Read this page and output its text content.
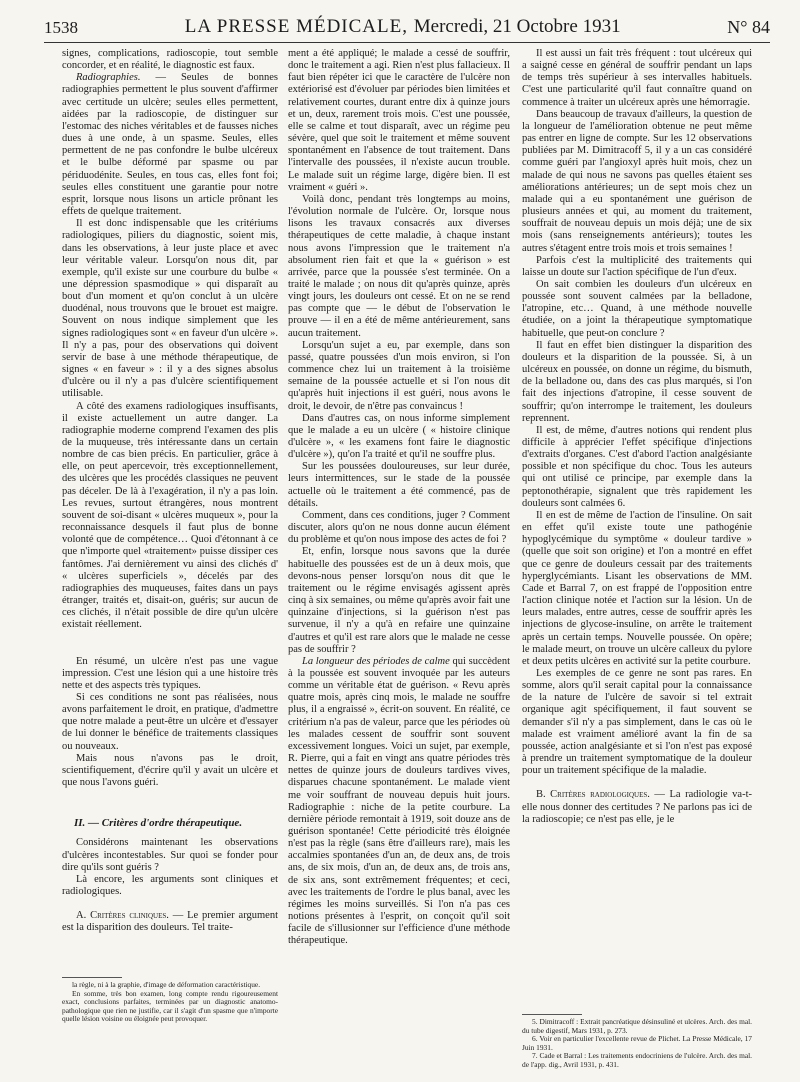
1538	LA PRESSE MÉDICALE, Mercredi, 21 Octobre 1931	N° 84

signes, complications, radioscopie, tout semble concorder, et en réalité, le diagnostic est faux.

Radiographies. — Seules de bonnes radiographies permettent le plus souvent d'affirmer avec certitude un ulcère; seules elles permettent, aidées par la radioscopie, de distinguer sur l'estomac des niches véritables et de fausses niches dues à une onde, à un spasme. Seules, elles permettent de ne pas confondre le bulbe ulcéreux et le bulbe déformé par spasme ou par périduodénite. Seules, en tous cas, elles font foi; seules elles constituent une garantie pour notre esprit, lorsque nous lisons un article prônant les effets de quelque traitement.

Il est donc indispensable que les critériums radiologiques, piliers du diagnostic, soient mis, dans les observations, à leur juste place et avec leur véritable valeur. Lorsqu'on nous dit, par exemple, qu'il existe sur une courbure du bulbe « une dépression spasmodique » qui disparaît au bout d'un moment et qu'on conclut à un ulcère duodénal, nous trouvons que le brouet est maigre. Souvent on nous indique simplement que les signes radiologiques sont « en faveur d'un ulcère ». Il n'y a pas, pour des observations qui doivent servir de base à une méthode thérapeutique, de signes « en faveur » : il y a des signes absolus d'ulcère ou il n'y a pas d'ulcère scientifiquement utilisable.

A côté des examens radiologiques insuffisants, il existe actuellement un autre danger. La radiographie moderne comprend l'examen des plis de la muqueuse, très intéressante dans un certain nombre de cas bien précis. En particulier, grâce à elle, on peut apercevoir, très exceptionnellement, des ulcères que les procédés classiques ne peuvent pas déceler. De là à l'exagération, il n'y a pas loin. Les revues, surtout étrangères, nous montrent souvent de soi-disant « ulcères muqueux », pour la reconnaissance desquels il faut plus de bonne volonté que de compétence… Quoi d'étonnant à ce que n'importe quel «traitement» puisse dissiper ces fantômes. J'ai dernièrement vu ainsi des clichés d' « ulcères superficiels », décelés par des radiographies des muqueuses, faites dans un pays étranger, traités et, disait-on, guéris; sur aucun de ces clichés, il n'était possible de dire qu'un ulcère existait réellement.

En résumé, un ulcère n'est pas une vague impression. C'est une lésion qui a une histoire très nette et des aspects très typiques.

Si ces conditions ne sont pas réalisées, nous avons parfaitement le droit, en pratique, d'admettre que notre malade a peut-être un ulcère et d'essayer de lui donner le bénéfice de traitements classiques ou nouveaux.

Mais nous n'avons pas le droit, scientifiquement, d'écrire qu'il y avait un ulcère et que nous l'avons guéri.

II. — Critères d'ordre thérapeutique.

Considérons maintenant les observations d'ulcères incontestables. Sur quoi se fonder pour dire qu'ils sont guéris ?

Là encore, les arguments sont cliniques et radiologiques.

A. Critères cliniques. — Le premier argument est la disparition des douleurs. Tel traite-

la règle, ni à la graphie, d'image de déformation caractéristique.

En somme, très bon examen, long compte rendu rigoureusement exact, conclusions parfaites, terminées par un diagnostic anatomo-pathologique que rien ne justifie, car il s'agit d'un spasme que n'importe quelle lésion voisine ou éloignée peut provoquer.

ment a été appliqué; le malade a cessé de souffrir, donc le traitement a agi. Rien n'est plus fallacieux. Il faut bien répéter ici que le caractère de l'ulcère non extériorisé est d'évoluer par périodes bien limitées et relativement courtes, durant entre dix à quinze jours et un, deux, rarement trois mois. C'est une poussée, elle se calme et tout disparaît, avec un régime peu sévère, quel que soit le traitement et même souvent spontanément en l'absence de tout traitement. Dans l'intervalle des poussées, il n'existe aucun trouble. Le malade suit un régime large, digère bien. Il est vraiment « guéri ».

Voilà donc, pendant très longtemps au moins, l'évolution normale de l'ulcère. Or, lorsque nous lisons les travaux consacrés aux diverses thérapeutiques de cette maladie, à chaque instant nous avons l'impression que le traitement n'a absolument rien fait et que la « guérison » est arrivée, parce que la poussée s'est terminée. On a traité le malade ; on nous dit qu'après quinze, après vingt jours, les douleurs ont cessé. Et on ne se rend pas compte que — le début de l'observation le prouve — il en a été de même antérieurement, sans aucun traitement.

Lorsqu'un sujet a eu, par exemple, dans son passé, quatre poussées d'un mois environ, si l'on commence chez lui un traitement à la troisième semaine de la poussée actuelle et si l'on nous dit qu'après huit injections il est guéri, nous avons le droit, le devoir, de n'être pas convaincus !

Dans d'autres cas, on nous informe simplement que le malade a eu un ulcère ( « histoire clinique d'ulcère », « les examens font faire le diagnostic d'ulcère »), qu'on l'a traité et qu'il ne souffre plus.

Sur les poussées douloureuses, sur leur durée, leurs intermittences, sur le stade de la poussée actuelle où le traitement a été commencé, pas de détails.

Comment, dans ces conditions, juger ? Comment discuter, alors qu'on ne nous donne aucun élément du problème et qu'on nous impose des actes de foi ?

Et, enfin, lorsque nous savons que la durée habituelle des poussées est de un à deux mois, que devons-nous penser lorsqu'on nous dit que le traitement ou le régime envisagés agissent après cinq à six semaines, ou même qu'après avoir fait une quinzaine d'injections, si la guérison n'est pas survenue, il n'y a qu'à en refaire une quinzaine d'autres et qu'il est rare alors que le malade ne cesse pas de souffrir ?

La longueur des périodes de calme qui succèdent à la poussée est souvent invoquée par les auteurs comme un véritable état de guérison. « Revu après quatre mois, après cinq mois, le malade ne souffre plus, il a engraissé », écrit-on souvent. En réalité, ce critérium n'a pas de valeur, parce que les périodes où les malades cessent de souffrir sont souvent excessivement longues. Voici un sujet, par exemple, R. Pierre, qui a fait en vingt ans quatre périodes très nettes de quinze jours de douleurs tardives vives, disparues chacune spontanément. Le malade vient me voir souffrant de nouveau depuis huit jours. Radiographie : niche de la petite courbure. La dernière période remontait à 1919, soit douze ans de guérison spontanée! Cette périodicité très éloignée n'est pas la règle (sans être d'ailleurs rare), mais les accalmies spontanées d'un an, de deux ans, de trois ans, de six mois, d'un an, de deux ans, de trois ans, de six ans, sont extrêmement fréquentes; et ceci, avec les traitements de l'ordre le plus banal, avec les régimes les moins surveillés. Si l'on n'a pas ces notions présentes à l'esprit, on conçoit qu'il soit facile de s'illusionner sur l'efficience d'une méthode thérapeutique.

Il est aussi un fait très fréquent : tout ulcéreux qui a saigné cesse en général de souffrir pendant un laps de temps très supérieur à ses intervalles habituels. C'est une particularité qu'il faut connaître quand on commence à traiter un ulcéreux après une hémorragie.

Dans beaucoup de travaux d'ailleurs, la question de la longueur de l'amélioration obtenue ne peut même pas entrer en ligne de compte. Sur les 12 observations publiées par M. Dimitracoff 5, il y a un cas considéré comme guéri par l'angioxyl après huit mois, chez un malade de qui nous ne savons pas quelles étaient ses améliorations antérieures; un de sept mois chez un malade qui a eu spontanément une guérison de plusieurs années et qui, au moment du traitement, souffrait de nouveau depuis un mois déjà; une de six mois (sans renseignements antérieurs); toutes les autres s'étagent entre trois mois et trois semaines !

Parfois c'est la multiplicité des traitements qui laisse un doute sur l'action spécifique de l'un d'eux.

On sait combien les douleurs d'un ulcéreux en poussée sont souvent calmées par la belladone, l'atropine, etc… Quand, à une méthode nouvelle étudiée, on a joint la thérapeutique symptomatique habituelle, que peut-on conclure ?

Il faut en effet bien distinguer la disparition des douleurs et la disparition de la poussée. Si, à un ulcéreux en poussée, on donne un régime, du bismuth, de la belladone ou, dans des cas plus marqués, si l'on fait des injections d'atropine, il cesse souvent de souffrir; qu'on interrompe le traitement, les douleurs reprennent.

Il est, de même, d'autres notions qui rendent plus difficile à apprécier l'effet spécifique d'injections d'extraits d'organes. C'est d'abord l'action analgésiante possible et non spécifique du choc. Tous les auteurs qui ont utilisé ce principe, par exemple dans la peptonothérapie, signalent que très rapidement les douleurs sont calmées 6.

Il en est de même de l'action de l'insuline. On sait en effet qu'il existe toute une pathogénie hypoglycémique du symptôme « douleur tardive » (quelle que soit son origine) et l'on a montré en effet que ce genre de douleurs cessait par des traitements hyperglycémiants. Lisant les observations de MM. Cade et Barral 7, on est frappé de l'opposition entre l'action clinique notée et l'action sur la lésion. Un de leurs malades, entre autres, cesse de souffrir après les injections de glycose-insuline, on arrête le traitement après un certain temps. Nouvelle poussée. On opère; le malade meurt, on trouve un ulcère calleux du pylore et deux petits ulcères en activité sur la petite courbure.

Les exemples de ce genre ne sont pas rares. En somme, alors qu'il serait capital pour la connaissance de la nature de l'ulcère de savoir si tel extrait organique agit spécifiquement, il faut souvent se demander s'il n'y a pas simplement, dans le cas où le malade est vraiment amélioré avant la fin de sa poussée, action analgésiante et si l'on n'est pas exposé à prendre un traitement symptomatique de la douleur pour un traitement spécifique de la maladie.

B. Critères radiologiques. — La radiologie va-t-elle nous donner des certitudes ? Ne parlons pas ici de la radioscopie; ce n'est pas elle, je le

5. Dimitracoff : Extrait pancréatique désinsuliné et ulcères. Arch. des mal. du tube digestif, Mars 1931, p. 273.

6. Voir en particulier l'excellente revue de Plichet. La Presse Médicale, 17 Juin 1931.

7. Cade et Barral : Les traitements endocriniens de l'ulcère. Arch. des mal. de l'app. dig., Avril 1931, p. 431.
